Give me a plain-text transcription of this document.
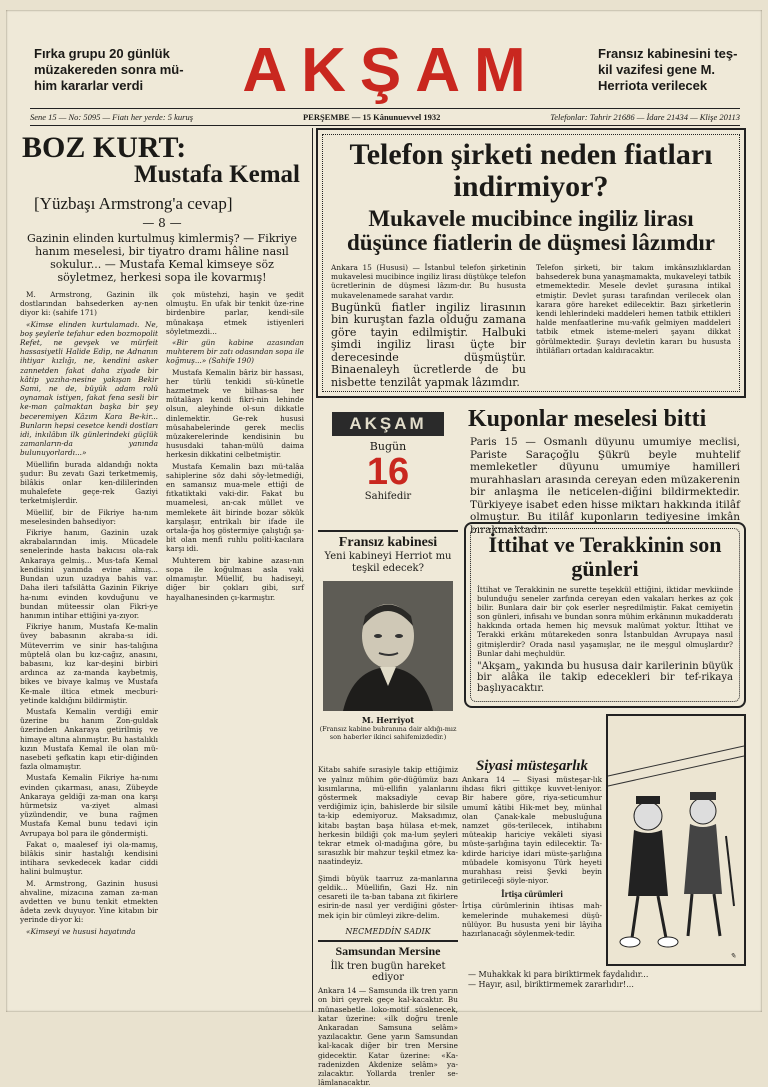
Fırka grupu 20 günlük müzakereden sonra mü-him kararlar verdi	AKŞAM	Fransız kabinesini teş-kil vazifesi gene M. Herriota verilecek
Sene 15 — No: 5095 — Fiatı her yerde: 5 kuruş	PERŞEMBE — 15 Kânunuevvel 1932	Telefonlar: Tahrir 21686 — İdare 21434 — Klişe 20113
BOZ KURT:
Mustafa Kemal
[Yüzbaşı Armstrong'a cevap]
— 8 —
Gazinin elinden kurtulmuş kimlermiş? — Fikriye hanım meselesi, bir tiyatro dramı hâline nasıl sokulur... — Mustafa Kemal kimseye söz söyletmez, herkesi sopa ile kovarmış!

M. Armstrong, Gazinin ilk dostlarından bahsederken ay-nen diyor ki: (sahife 171)

«Kimse elinden kurtulamadı. Ne, boş şeylerle tefahur eden bozmopolit Refet, ne gevşek ve mürfeit hassasiyetli Halide Edip, ne Adnanın ihtiyar kızlığı, ne, kendini asker zannetden fakat daha ziyade bir kâtip yazıha-nesine yakışan Bekir Sami, ne de, büyük adam rolü oynamak istiyen, fakat fena sesli bir ke-man çalmaktan başka bir şey beceremiyen Kâzım Kara Be-kir... Bunların hepsi cesetce kendi dostları idi, inkılâbın ilk günlerindeki güçlük zamanların-da yanında bulunuyorlardı...»

Müellifin burada aldandığı nokta şudur: Bu zevatı Gazi terketmemiş, bilâkis onlar ken-dililerinden muhalefete geçe-rek Gaziyi terketmişlerdir.

Müellif, bir de Fikriye ha-nım meselesinden bahsediyor:

Fikriye hanım, Gazinin uzak akrabalarından imiş. Mücadele senelerinde hasta bakıcısı ola-rak Ankaraya gelmiş... Mus-tafa Kemal kendisini yanında evine almış... Bundan uzun uzadıya bahis var. Daha ileri tafsilâtta Gazinin Fikriye ha-nımı evinden kovduğunu ve bundan müteessir olan Fikri-ye hanımın intihar ettiğini ya-zıyor.

Fikriye hanım, Mustafa Ke-malin üvey babasının akraba-sı idi. Müteverrim ve sinir has-talığına müptelâ olan bu kız-cağız, anasını, babasını, kız kar-deşini birbiri ardınca az za-manda kaybetmiş, bikes ve bivaye kalmış ve Mustafa Ke-male iltica etmek mecburi-yetinde kaldığını bildirmiştir.

Mustafa Kemalin verdiği emir üzerine bu hanım Zon-guldak üzerinden Ankaraya getirilmiş ve himaye altına alınmıştır. Bu hastalıklı kızın Mustafa Kemal ile olan mü-nasebeti şefkatin kapı etir-diğinden fazla olmamıştır.

Mustafa Kemalin Fikriye ha-nımı evinden çıkarması, anası, Zübeyde Ankaraya geldiği za-man ona karşı hürmetsiz va-ziyet almasi yüzündendir, ve buna rağmen Mustafa Kemal bunu tedavi için Avrupaya bol para ile göndermişti.

Fakat o, maalesef iyi ola-mamış, bilâkis sinir hastalığı kendisini intihara sevkedecek kadar ciddi halini bulmuştur.

M. Armstrong, Gazinin hususi ahvaline, mizacına zaman za-man avdetten ve bunu tenkit etmekten âdeta zevk duyuyor. Yine kitabın bir yerinde di-yor ki:

«Kimseyi ve hususi hayatında

çok müstehzi, haşin ve şedit olmuştu. En ufak bir tenkit üze-rine birdenbire parlar, kendi-sile münakaşa etmek istiyenleri söyletmezdi...

«Bir gün kabine azasından muhterem bir zatı odasından sopa ile koğmuş...» (Sahife 190)

Mustafa Kemalin bâriz bir hassası, her türlü tenkidi sü-kûnetle hazmetmek ve bilhas-sa her mütalâayı kendi fikri-nin lehinde olsun, aleyhinde ol-sun dikkatle dinlemektir. Ge-rek hususi müsahabelerinde gerek meclis müzakerelerinde kendisinin bu hususdaki tahan-mülü daima herkesin dikkatini celbetmiştir.

Mustafa Kemalin bazı mü-talâa sahiplerine söz dahi söy-letmediği, en samansız mua-mele ettiği de fıtkatiktaki vaki-dir. Fakat bu muamelesi, an-cak müllet ve memlekete âit birinde bozar sökük karşılaşır, entrikalı bir ifade ile ortala-ğa hoş göstermiye çalıştığı şa-bit olan menfi ruhlu politi-kacılara karşı idi.

Muhterem bir kabine azası-nın sopa ile koğulması asla vaki olmamıştır. Müellif, bu hadiseyi, diğer bir çokları gibi, sırf hayalhanesinden çı-karmıştır.

Telefon şirketi neden fiatları indirmiyor?
Mukavele mucibince ingiliz lirası düşünce fiatlerin de düşmesi lâzımdır
Ankara 15 (Hususi) — İstanbul telefon şirketinin mukavelesi mucibince ingiliz lirası düştükçe telefon ücretlerinin de düşmesi lâzım-dır. Bu hususta mukavelenamede sarahat vardır.
Bugünkü fiatler ingiliz lirasının bin kuruştan fazla olduğu zamana göre tayin edilmiştir. Halbuki şimdi ingiliz lirası üçte bir derecesinde düşmüştür. Binaenaleyh ücretlerde de bu nisbette tenzilât yapmak lâzımdır.
Telefon şirketi, bir takım imkânsızlıklardan bahsederek buna yanaşmamakta, mukaveleyi tatbik etmemektedir. Mesele devlet şurasına intikal etmiştir. Devlet şurası tarafından verilecek olan karara göre hareket edilecektir. Bazı şirketlerin kendi lehlerindeki maddeleri hemen tatbik ettikleri halde menfaatlerine mu-vafık gelmiyen maddeleri tatbik etmek isteme-meleri şayanı dikkat görülmektedir. Şurayı devletin kararı bu hususta ihtilâfları ortadan kaldıracaktır.
AKŞAM
Bugün
16
Sahifedir
Kuponlar meselesi bitti
Paris 15 — Osmanlı düyunu umumiye meclisi, Pariste Saraçoğlu Şükrü beyle muhtelif memleketler düyunu umumiye hamilleri murahhasları arasında cereyan eden müzakerenin bir anlaşma ile neticelen-diğini bildirmektedir. Türkiyeye isabet eden hisse miktarı hakkında itilâf olmuştur. Bu itilâf kuponların tediyesine imkân bırakmaktadır.
İttihat ve Terakkinin son günleri
İttihat ve Terakkinin ne surette teşekkül ettiğini, iktidar mevkiinde bulunduğu seneler zarfında cereyan eden vakaları herkes az çok bilir. Bunlara dair bir çok eserler neşredilmiştir. Fakat cemiyetin son günleri, infisahı ve bundan sonra mühim erkânının mukadderatı hakkında ortada hemen hiç mevsuk malûmat yoktur. İttihat ve Terakki erkânı mütarekeden sonra İstanbuldan Avrupaya nasıl gitmişlerdir? Orada nasıl yaşamışlar, ne ile meşgul olmuşlardır? Bunlar dahi meçhuldür.
"Akşam„ yakında bu hususa dair karilerinin büyük bir alâka ile takip edecekleri bir tef-rikaya başlıyacaktır.
Fransız kabinesi
Yeni kabineyi Herriot mu teşkil edecek?
M. Herriyot
(Fransız kabine buhranına dair aldığı-mız son haberler ikinci sahifemizdedir.)

Kitabı sahife sırasiyle takip ettiğimiz ve yalnız mühim gör-düğümüz bazı kısımlarına, mü-ellifin yalanlarını göstermek maksadiyle cevap verdiğimiz için, bahislerde bir silsile ta-kip edemiyoruz. Maksadımız, kitabı baştan başa hülasa et-mek, herkesin bildiği çok ma-lum şeyleri tekrar etmek ol-madığına göre, bu sırasızlık bir mahzur teşkil etmez ka-naatindeyiz.

Şimdi büyük taarruz za-manlarına geldik... Müellifin, Gazi Hz. nin cesareti ile ta-ban tabana zıt fikirlere esirin-de nasıl yer verdiğini göster-mek için bir cümleyi zikre-delim.

NECMEDDİN SADIK
Samsundan Mersine
İlk tren bugün hareket ediyor
Ankara 14 — Samsunda ilk tren yarın on biri çeyrek geçe kal-kacaktır. Bu münasebetle loko-motif süslenecek, katar üzerine: «ilk doğru trenle Ankaradan Samsuna selâm» yazılacaktır. Gene yarın Samsundan kal-kacak diğer bir tren Mersine gidecektir. Katar üzerine: «Ka-radenizden Akdenize selâm» ya-zılacaktır. Yollarda trenler se-lâmlanacaktır.
Siyasi müsteşarlık
Ankara 14 — Siyasi müsteşar-lık ihdası fikri gittikçe kuvvet-leniyor. Bir habere göre, riya-seticumhur umumî kâtibi Hik-met bey, münhal olan Çanak-kale mebusluğuna namzet gös-terilecek, intihabını müteakip hariciye vekâleti siyasi müste-şarlığına tayin edilecektir. Ta-kdirde hariciye idari müste-şarlığına mübadele komisyonu Türk heyeti murahhası reisi Şevki beyin getirileceği söyle-niyor.
İrtişa cürümleri
İrtişa cürümlerinin ihtisas mah-kemelerinde muhakemesi düşü-nülüyor. Bu hususta yeni bir lâyiha hazırlanacağı söylenmek-tedir.
✎
— Muhakkak ki para biriktirmek faydalıdır...
— Hayır, asıl, biriktirmemek zararlıdır!...
